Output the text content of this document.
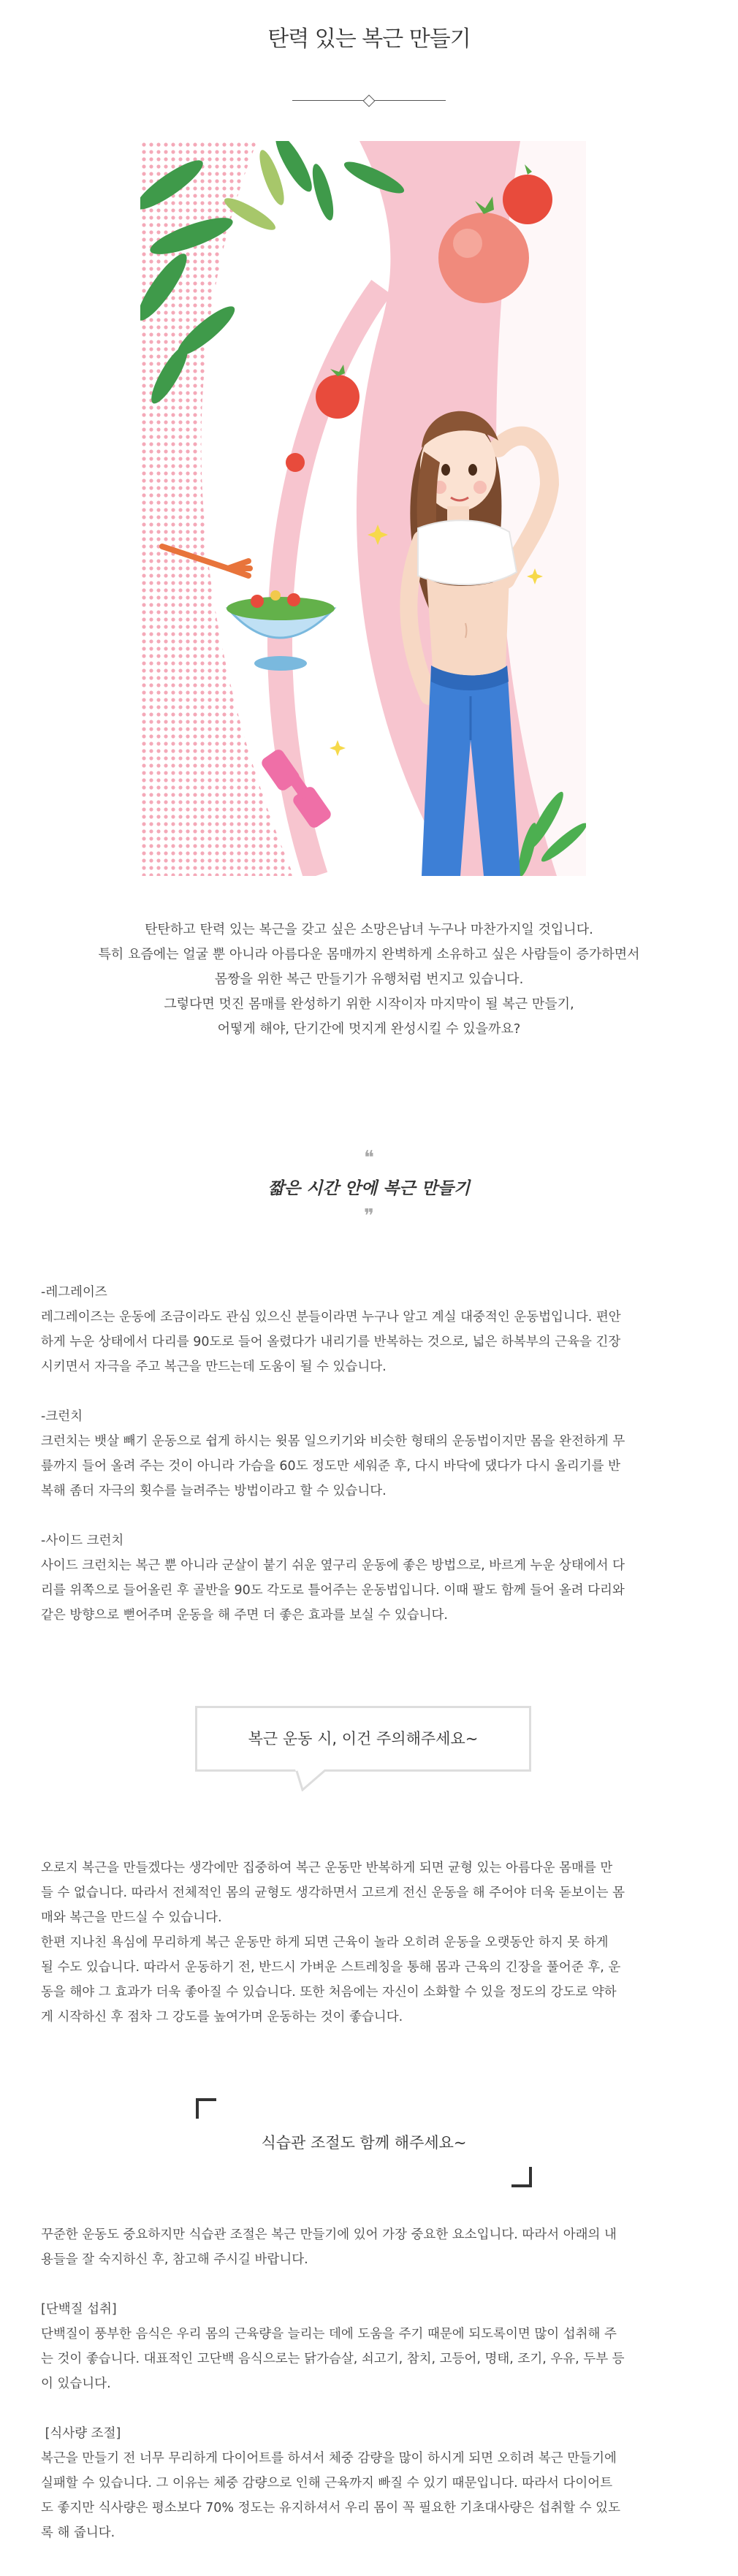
탄력 있는 복근 만들기

탄탄하고 탄력 있는 복근을 갖고 싶은 소망은남녀 누구나 마찬가지일 것입니다.

특히 요즘에는 얼굴 뿐 아니라 아름다운 몸매까지 완벽하게 소유하고 싶은 사람들이 증가하면서

몸짱을 위한 복근 만들기가 유행처럼 번지고 있습니다.

그렇다면 멋진 몸매를 완성하기 위한 시작이자 마지막이 될 복근 만들기,

어떻게 해야, 단기간에 멋지게 완성시킬 수 있을까요?

❝
짧은 시간 안에 복근 만들기
❞

-레그레이즈

레그레이즈는 운동에 조금이라도 관심 있으신 분들이라면 누구나 알고 계실 대중적인 운동법입니다. 편안

하게 누운 상태에서 다리를 90도로 들어 올렸다가 내리기를 반복하는 것으로, 넓은 하복부의 근육을 긴장

시키면서 자극을 주고 복근을 만드는데 도움이 될 수 있습니다.

-크런치

크런치는 뱃살 빼기 운동으로 쉽게 하시는 윗몸 일으키기와 비슷한 형태의 운동법이지만 몸을 완전하게 무

릎까지 들어 올려 주는 것이 아니라 가슴을 60도 정도만 세워준 후, 다시 바닥에 댔다가 다시 올리기를 반

복해 좀더 자극의 횟수를 늘려주는 방법이라고 할 수 있습니다.

-사이드 크런치

사이드 크런치는 복근 뿐 아니라 군살이 붙기 쉬운 옆구리 운동에 좋은 방법으로, 바르게 누운 상태에서 다

리를 위쪽으로 들어올린 후 골반을 90도 각도로 틀어주는 운동법입니다. 이때 팔도 함께 들어 올려 다리와

같은 방향으로 뻗어주며 운동을 해 주면 더 좋은 효과를 보실 수 있습니다.

복근 운동 시, 이건 주의해주세요~

오로지 복근을 만들겠다는 생각에만 집중하여 복근 운동만 반복하게 되면 균형 있는 아름다운 몸매를 만

들 수 없습니다. 따라서 전체적인 몸의 균형도 생각하면서 고르게 전신 운동을 해 주어야 더욱 돋보이는 몸

매와 복근을 만드실 수 있습니다.

한편 지나친 욕심에 무리하게 복근 운동만 하게 되면 근육이 놀라 오히려 운동을 오랫동안 하지 못 하게

될 수도 있습니다. 따라서 운동하기 전, 반드시 가벼운 스트레칭을 통해 몸과 근육의 긴장을 풀어준 후, 운

동을 해야 그 효과가 더욱 좋아질 수 있습니다. 또한 처음에는 자신이 소화할 수 있을 정도의 강도로 약하

게 시작하신 후 점차 그 강도를 높여가며 운동하는 것이 좋습니다.

식습관 조절도 함께 해주세요~

꾸준한 운동도 중요하지만 식습관 조절은 복근 만들기에 있어 가장 중요한 요소입니다. 따라서 아래의 내

용들을 잘 숙지하신 후, 참고해 주시길 바랍니다.

[단백질 섭취]

단백질이 풍부한 음식은 우리 몸의 근육량을 늘리는 데에 도움을 주기 때문에 되도록이면 많이 섭취해 주

는 것이 좋습니다. 대표적인 고단백 음식으로는 닭가슴살, 쇠고기, 참치, 고등어, 명태, 조기, 우유, 두부 등

이 있습니다.

[식사량 조절]

복근을 만들기 전 너무 무리하게 다이어트를 하셔서 체중 감량을 많이 하시게 되면 오히려 복근 만들기에

실패할 수 있습니다. 그 이유는 체중 감량으로 인해 근육까지 빠질 수 있기 때문입니다. 따라서 다이어트

도 좋지만 식사량은 평소보다 70% 정도는 유지하셔서 우리 몸이 꼭 필요한 기초대사량은 섭취할 수 있도

록 해 줍니다.
